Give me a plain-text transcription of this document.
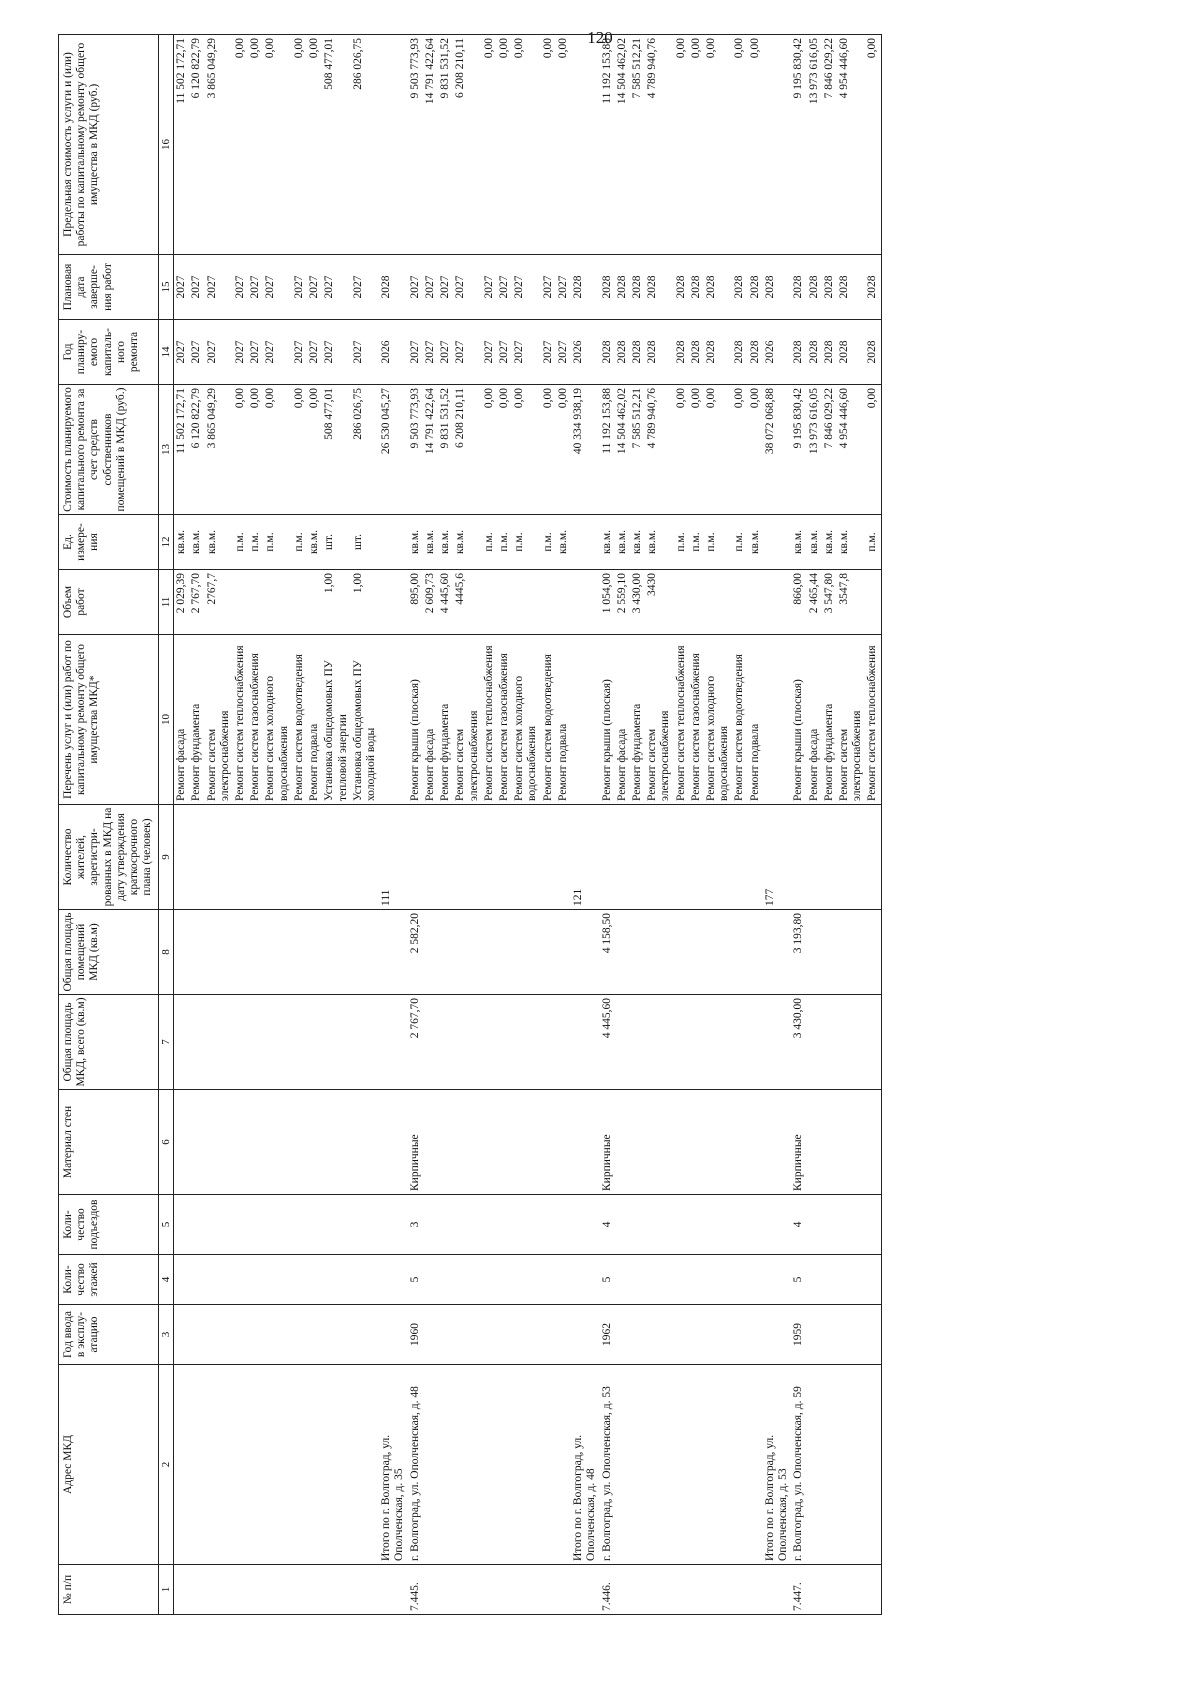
120
№ п/п	Адрес МКД	Год ввода в эксплу-атацию	Коли-чество этажей	Коли-чество подъездов	Материал стен	Общая площадь МКД, всего (кв.м)	Общая площадь помещений МКД (кв.м)	Количество жителей, зарегистри-рованных в МКД на дату утверждения краткосрочного плана (человек)	Перечень услуг и (или) работ по капитальному ремонту общего имущества МКД*	Объем работ	Ед. измере-ния	Стоимость планируемого капитального ремонта за счет средств собственников помещений в МКД (руб.)	Год планиру-емого капиталь-ного ремонта	Плановая дата заверше-ния работ	Предельная стоимость услуги и (или) работы по капитальному ремонту общего имущества в МКД (руб.)
1	2	3	4	5	6	7	8	9	10	11	12	13	14	15	16
									Ремонт фасада	2 029,39	кв.м.	11 502 172,71	2027	2027	11 502 172,71
									Ремонт фундамента	2 767,70	кв.м.	6 120 822,79	2027	2027	6 120 822,79
									Ремонт систем электроснабжения	2767,7	кв.м.	3 865 049,29	2027	2027	3 865 049,29
									Ремонт систем теплоснабжения		п.м.	0,00	2027	2027	0,00
									Ремонт систем газоснабжения		п.м.	0,00	2027	2027	0,00
									Ремонт систем холодного водоснабжения		п.м.	0,00	2027	2027	0,00
									Ремонт систем водоотведения		п.м.	0,00	2027	2027	0,00
									Ремонт подвала		кв.м.	0,00	2027	2027	0,00
									Установка общедомовых ПУ тепловой энергии	1,00	шт.	508 477,01	2027	2027	508 477,01
									Установка общедомовых ПУ холодной воды	1,00	шт.	286 026,75	2027	2027	286 026,75
	Итого по г. Волгоград, ул. Ополченская, д. 35							111				26 530 045,27	2026	2028	
7.445.	г. Волгоград, ул. Ополченская, д. 48	1960	5	3	Кирпичные	2 767,70	2 582,20		Ремонт крыши (плоская)	895,00	кв.м.	9 503 773,93	2027	2027	9 503 773,93
									Ремонт фасада	2 609,73	кв.м.	14 791 422,64	2027	2027	14 791 422,64
									Ремонт фундамента	4 445,60	кв.м.	9 831 531,52	2027	2027	9 831 531,52
									Ремонт систем электроснабжения	4445,6	кв.м.	6 208 210,11	2027	2027	6 208 210,11
									Ремонт систем теплоснабжения		п.м.	0,00	2027	2027	0,00
									Ремонт систем газоснабжения		п.м.	0,00	2027	2027	0,00
									Ремонт систем холодного водоснабжения		п.м.	0,00	2027	2027	0,00
									Ремонт систем водоотведения		п.м.	0,00	2027	2027	0,00
									Ремонт подвала		кв.м.	0,00	2027	2027	0,00
	Итого по г. Волгоград, ул. Ополченская, д. 48							121				40 334 938,19	2026	2028	
7.446.	г. Волгоград, ул. Ополченская, д. 53	1962	5	4	Кирпичные	4 445,60	4 158,50		Ремонт крыши (плоская)	1 054,00	кв.м.	11 192 153,88	2028	2028	11 192 153,88
									Ремонт фасада	2 559,10	кв.м.	14 504 462,02	2028	2028	14 504 462,02
									Ремонт фундамента	3 430,00	кв.м.	7 585 512,21	2028	2028	7 585 512,21
									Ремонт систем электроснабжения	3430	кв.м.	4 789 940,76	2028	2028	4 789 940,76
									Ремонт систем теплоснабжения		п.м.	0,00	2028	2028	0,00
									Ремонт систем газоснабжения		п.м.	0,00	2028	2028	0,00
									Ремонт систем холодного водоснабжения		п.м.	0,00	2028	2028	0,00
									Ремонт систем водоотведения		п.м.	0,00	2028	2028	0,00
									Ремонт подвала		кв.м.	0,00	2028	2028	0,00
	Итого по г. Волгоград, ул. Ополченская, д. 53							177				38 072 068,88	2026	2028	
7.447.	г. Волгоград, ул. Ополченская, д. 59	1959	5	4	Кирпичные	3 430,00	3 193,80		Ремонт крыши (плоская)	866,00	кв.м.	9 195 830,42	2028	2028	9 195 830,42
									Ремонт фасада	2 465,44	кв.м.	13 973 616,05	2028	2028	13 973 616,05
									Ремонт фундамента	3 547,80	кв.м.	7 846 029,22	2028	2028	7 846 029,22
									Ремонт систем электроснабжения	3547,8	кв.м.	4 954 446,60	2028	2028	4 954 446,60
									Ремонт систем теплоснабжения		п.м.	0,00	2028	2028	0,00
